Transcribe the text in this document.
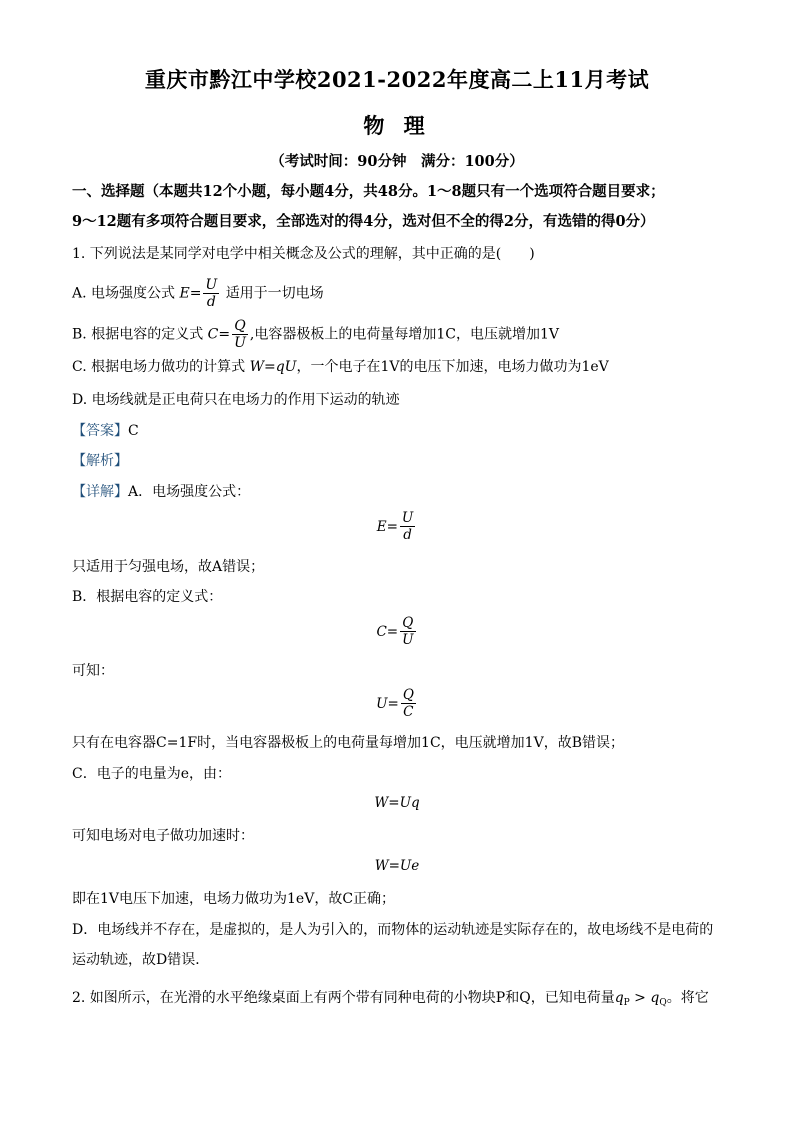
重庆市黔江中学校2021-2022年度高二上11月考试
物 理
（考试时间：90分钟　满分：100分）
一、选择题（本题共12个小题，每小题4分，共48分。1～8题只有一个选项符合题目要求；
9～12题有多项符合题目要求，全部选对的得4分，选对但不全的得2分，有选错的得0分）
1. 下列说法是某同学对电学中相关概念及公式的理解，其中正确的是(　　)
A. 电场强度公式 $E= \frac{U}{d}$ 适用于一切电场
B. 根据电容的定义式 $C= \frac{Q}{U}$ ,电容器极板上的电荷量每增加1C，电压就增加1V
C. 根据电场力做功的计算式 W=qU，一个电子在1V的电压下加速，电场力做功为1eV
D. 电场线就是正电荷只在电场力的作用下运动的轨迹
【答案】C
【解析】
【详解】A．电场强度公式：
$E= \frac{U}{d}$
只适用于匀强电场，故A错误；
B．根据电容的定义式：
$C= \frac{Q}{U}$
可知：
$U= \frac{Q}{C}$
只有在电容器C=1F时，当电容器极板上的电荷量每增加1C，电压就增加1V，故B错误；
C．电子的电量为e，由：
W=Uq
可知电场对电子做功加速时：
W=Ue
即在1V电压下加速，电场力做功为1eV，故C正确；
D．电场线并不存在，是虚拟的，是人为引入的，而物体的运动轨迹是实际存在的，故电场线不是电荷的
运动轨迹，故D错误．
2. 如图所示，在光滑的水平绝缘桌面上有两个带有同种电荷的小物块P和Q，已知电荷量$q_P > q_Q$。将它
